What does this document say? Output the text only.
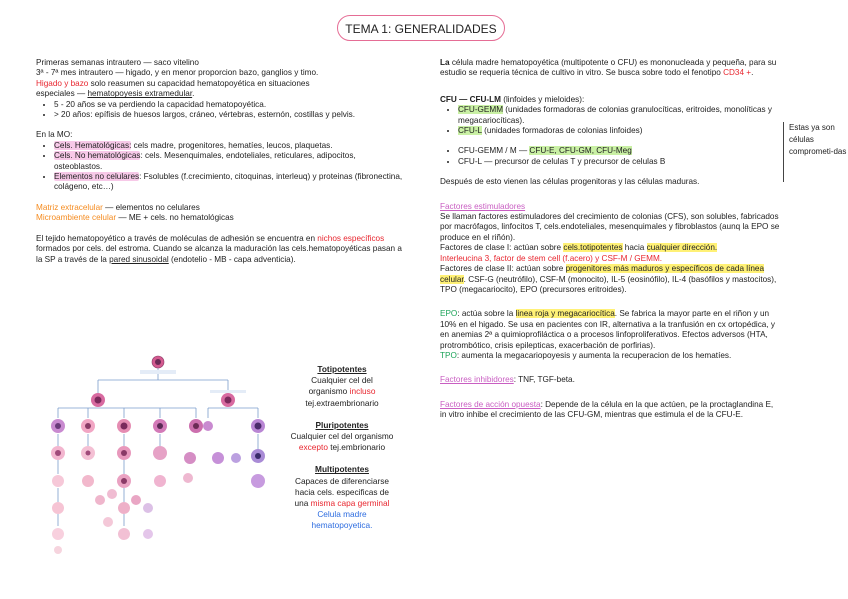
TEMA 1: GENERALIDADES

Primeras semanas intrautero — saco vitelino

3ª - 7ª mes intrautero — higado, y en menor proporcion bazo, ganglios y timo.

Higado y bazo solo reasumen su capacidad hematopoyética en situaciones

especiales — hematopoyesis extramedular.

• 5 - 20 años se va perdiendo la capacidad hematopoyética.
• > 20 años: epífisis de huesos largos, cráneo, vértebras, esternón, costillas y pelvis.

En la MO:

• Cels. Hematológicas: cels madre, progenitores, hematíes, leucos, plaquetas.
• Cels. No hematológicas: cels. Mesenquimales, endoteliales, reticulares, adipocitos, osteoblastos.
• Elementos no celulares: Fsolubles (f.crecimiento, citoquinas, interleuq) y proteinas (fibronectina, colágeno, etc…)

Matriz extracelular — elementos no celulares

Microambiente celular — ME + cels. no hematológicas

El tejido hematopoyético a través de moléculas de adhesión se encuentra en nichos específicos formados por cels. del estroma. Cuando se alcanza la maduración las cels.hematopoyéticas pasan a la SP a través de la pared sinusoidal (endotelio - MB - capa adventicia).

Totipotentes

Cualquier cel del

organismo incluso

tej.extraembrionario

Pluripotentes

Cualquier cel del organismo

excepto tej.embrionario

Multipotentes

Capaces de diferenciarse

hacia cels. especificas de

una misma capa germinal

Celula madre

hematopoyetica.

La célula madre hematopoyética (multipotente o CFU) es mononucleada y pequeña, para su estudio se requeria técnica de cultivo in vitro. Se busca sobre todo el fenotipo CD34 +.

CFU — CFU-LM (linfoides y mieloides):

• CFU-GEMM (unidades formadoras de colonias granulocíticas, eritroides, monolíticas y megacariocíticas).
• CFU-L (unidades formadoras de colonias linfoides)
• CFU-GEMM / M — CFU-E, CFU-GM, CFU-Meg
• CFU-L — precursor de celulas T y precursor de celulas B

Después de esto vienen las células progenitoras y las células maduras.

Factores estimuladores

Se llaman factores estimuladores del crecimiento de colonias (CFS), son solubles, fabricados por macrófagos, linfocitos T, cels.endoteliales, mesenquimales y fibroblastos (aunq la EPO se produce en el riñón).

Factores de clase I: actúan sobre cels.totipotentes hacia cualquier dirección.

Interleucina 3, factor de stem cell (f.acero) y CSF-M / GEMM.

Factores de clase II: actúan sobre progenitores más maduros y específicos de cada línea celular. CSF-G (neutrófilo), CSF-M (monocito), IL-5 (eosinófilo), IL-4 (basófilos y mastocitos), TPO (megacariocito), EPO (precursores eritroides).

EPO: actúa sobre la linea roja y megacariocítica. Se fabrica la mayor parte en el riñon y un 10% en el higado. Se usa en pacientes con IR, alternativa a la tranfusión en cx ortopédica, y en anemias 2ª a quimioprofiláctica o a procesos linfoproliferativos. Efectos adversos (HTA, protrombótico, crisis epilepticas, exacerbación de porfirias).

TPO: aumenta la megacariopoyesis y aumenta la recuperacion de los hematíes.

Factores inhibidores: TNF, TGF-beta.

Factores de acción opuesta: Depende de la célula en la que actúen, pe la proctaglandina E, in vitro inhibe el crecimiento de las CFU-GM, mientras que estimula el de la CFU-E.

Estas ya son células comprometi-das
